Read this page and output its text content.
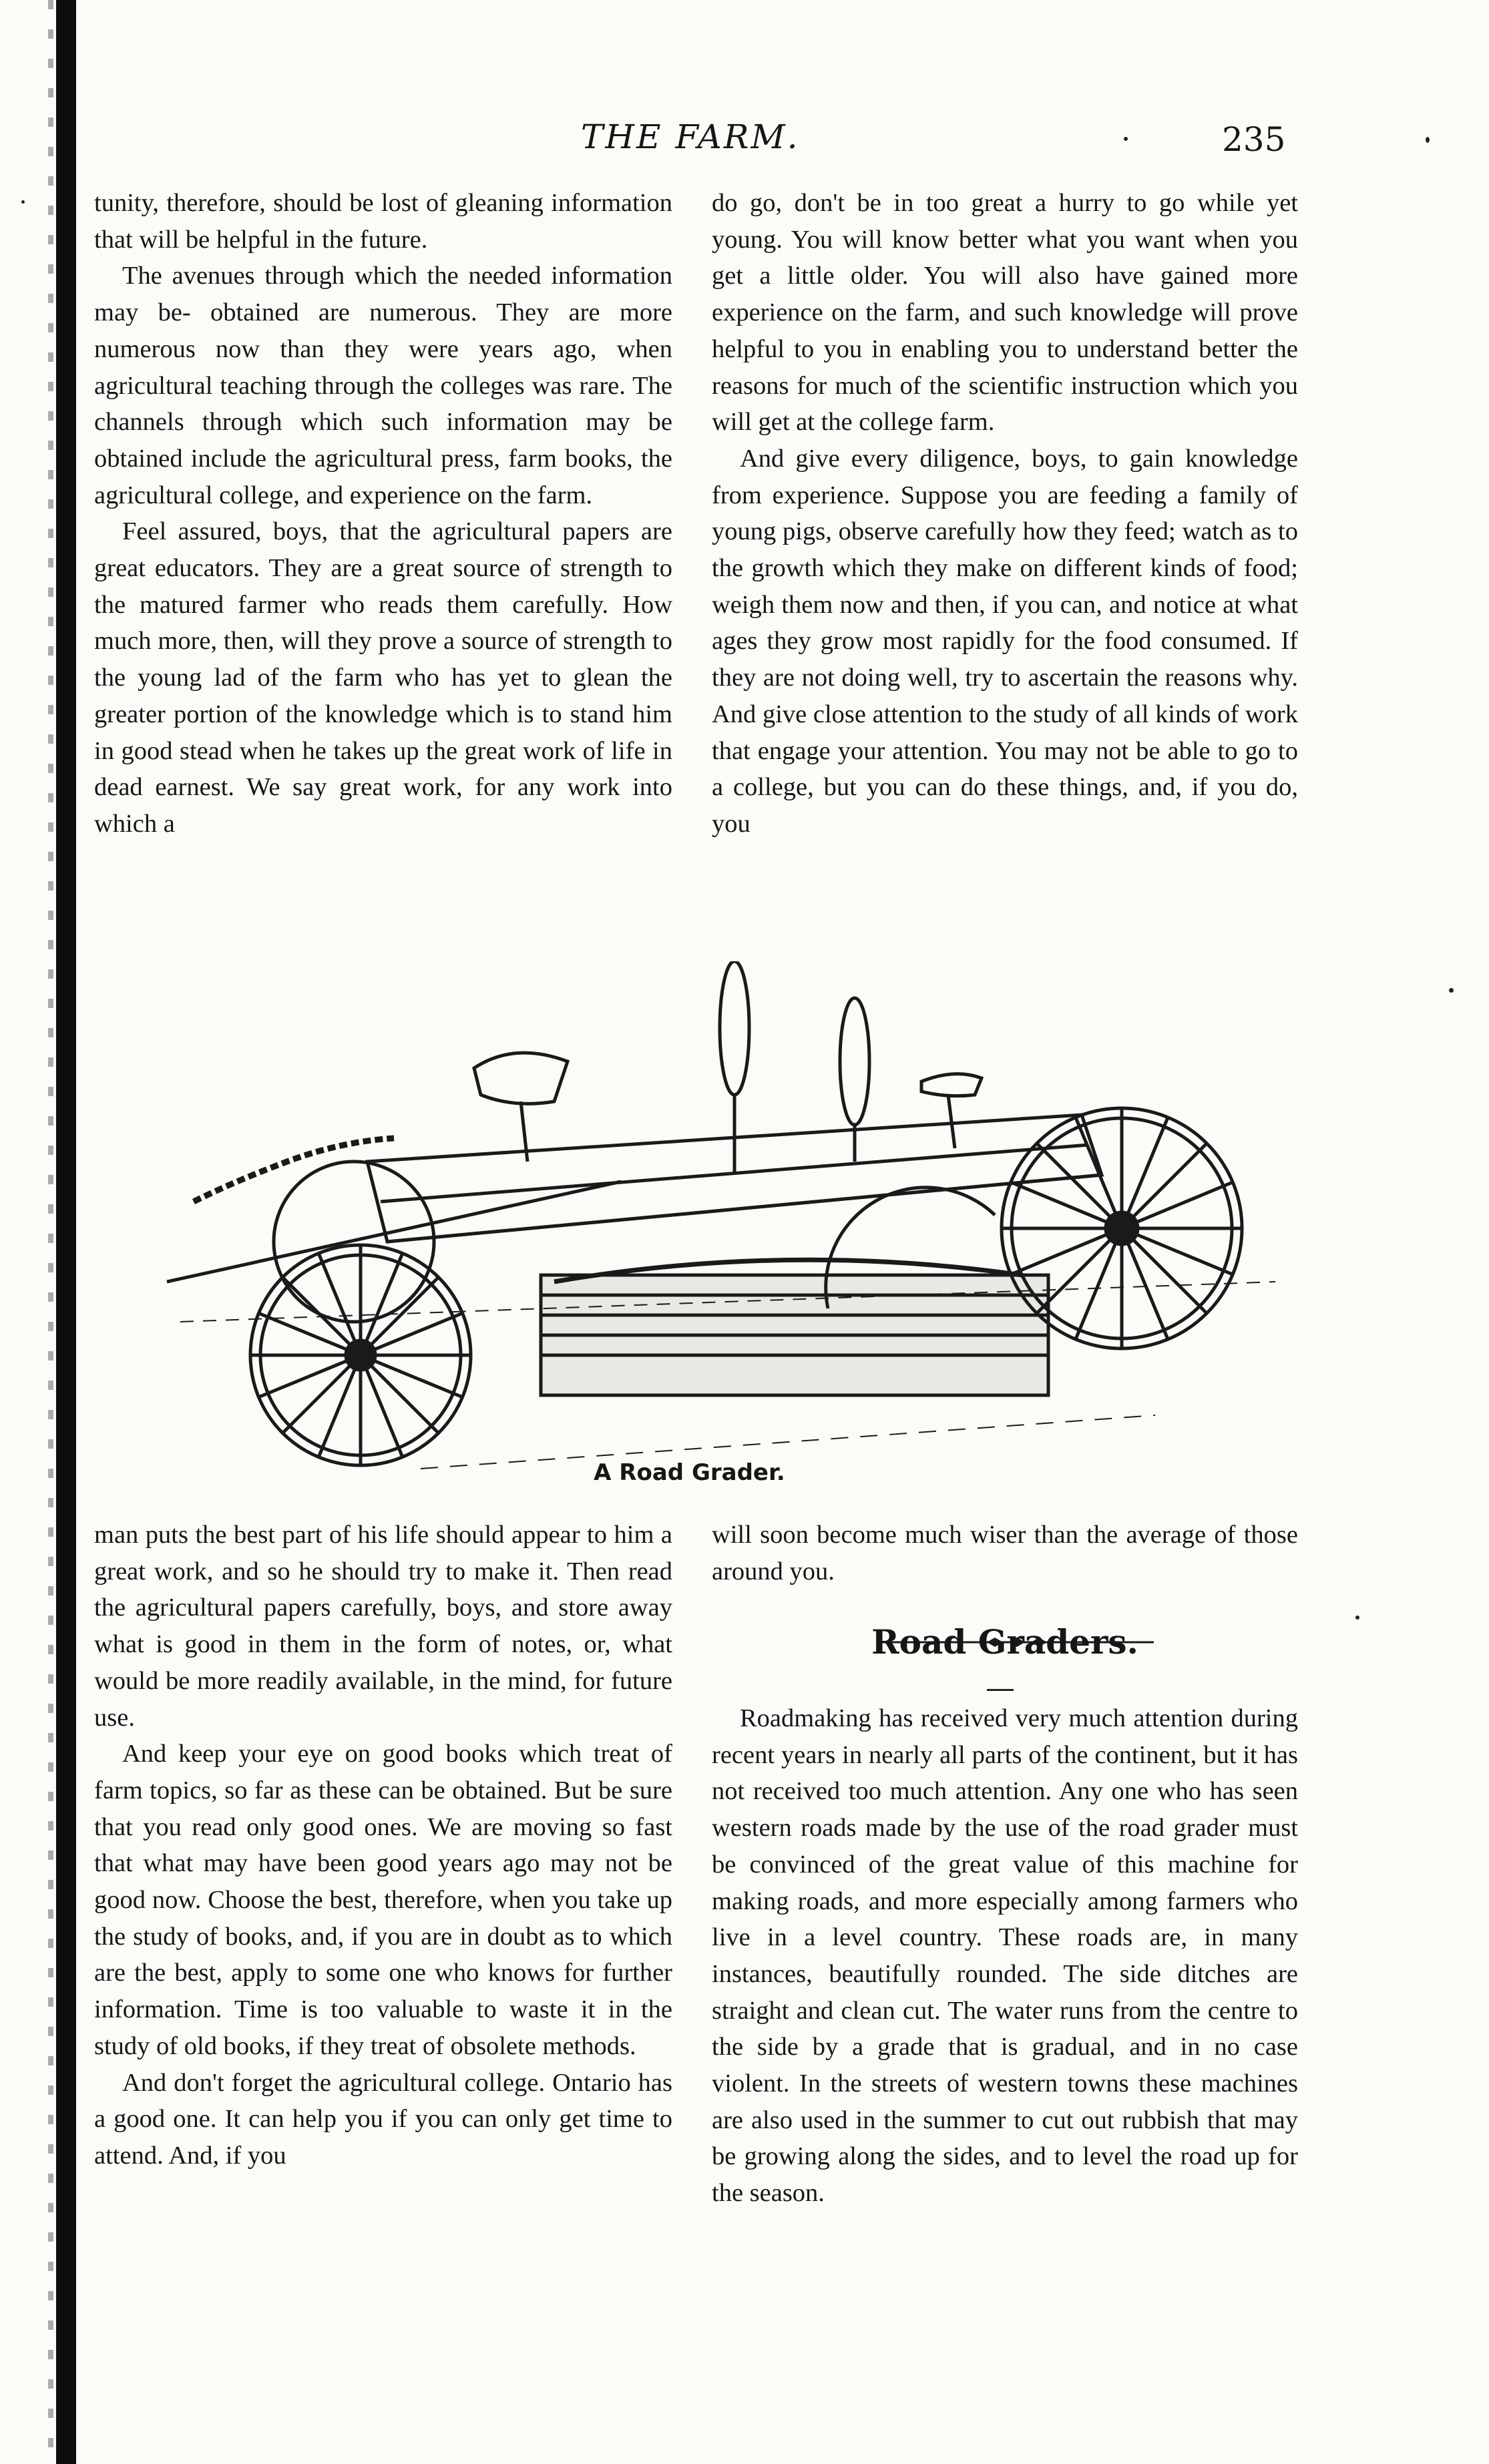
THE FARM.	235

tunity, therefore, should be lost of gleaning information that will be helpful in the future.

The avenues through which the needed information may be- obtained are numerous. They are more numerous now than they were years ago, when agricultural teaching through the colleges was rare. The channels through which such information may be obtained include the agricultural press, farm books, the agricultural college, and experience on the farm.

Feel assured, boys, that the agricultural papers are great educators. They are a great source of strength to the matured farmer who reads them carefully. How much more, then, will they prove a source of strength to the young lad of the farm who has yet to glean the greater portion of the knowledge which is to stand him in good stead when he takes up the great work of life in dead earnest. We say great work, for any work into which a

do go, don't be in too great a hurry to go while yet young. You will know better what you want when you get a little older. You will also have gained more experience on the farm, and such knowledge will prove helpful to you in enabling you to understand better the reasons for much of the scientific instruction which you will get at the college farm.

And give every diligence, boys, to gain knowledge from experience. Suppose you are feeding a family of young pigs, observe carefully how they feed; watch as to the growth which they make on different kinds of food; weigh them now and then, if you can, and notice at what ages they grow most rapidly for the food consumed. If they are not doing well, try to ascertain the reasons why. And give close attention to the study of all kinds of work that engage your attention. You may not be able to go to a college, but you can do these things, and, if you do, you

A Road Grader.

man puts the best part of his life should appear to him a great work, and so he should try to make it. Then read the agricultural papers carefully, boys, and store away what is good in them in the form of notes, or, what would be more readily available, in the mind, for future use.

And keep your eye on good books which treat of farm topics, so far as these can be obtained. But be sure that you read only good ones. We are moving so fast that what may have been good years ago may not be good now. Choose the best, therefore, when you take up the study of books, and, if you are in doubt as to which are the best, apply to some one who knows for further information. Time is too valuable to waste it in the study of old books, if they treat of obsolete methods.

And don't forget the agricultural college. Ontario has a good one. It can help you if you can only get time to attend. And, if you

will soon become much wiser than the average of those around you.

Road Graders.

Roadmaking has received very much attention during recent years in nearly all parts of the continent, but it has not received too much attention. Any one who has seen western roads made by the use of the road grader must be convinced of the great value of this machine for making roads, and more especially among farmers who live in a level country. These roads are, in many instances, beautifully rounded. The side ditches are straight and clean cut. The water runs from the centre to the side by a grade that is gradual, and in no case violent. In the streets of western towns these machines are also used in the summer to cut out rubbish that may be growing along the sides, and to level the road up for the season.
